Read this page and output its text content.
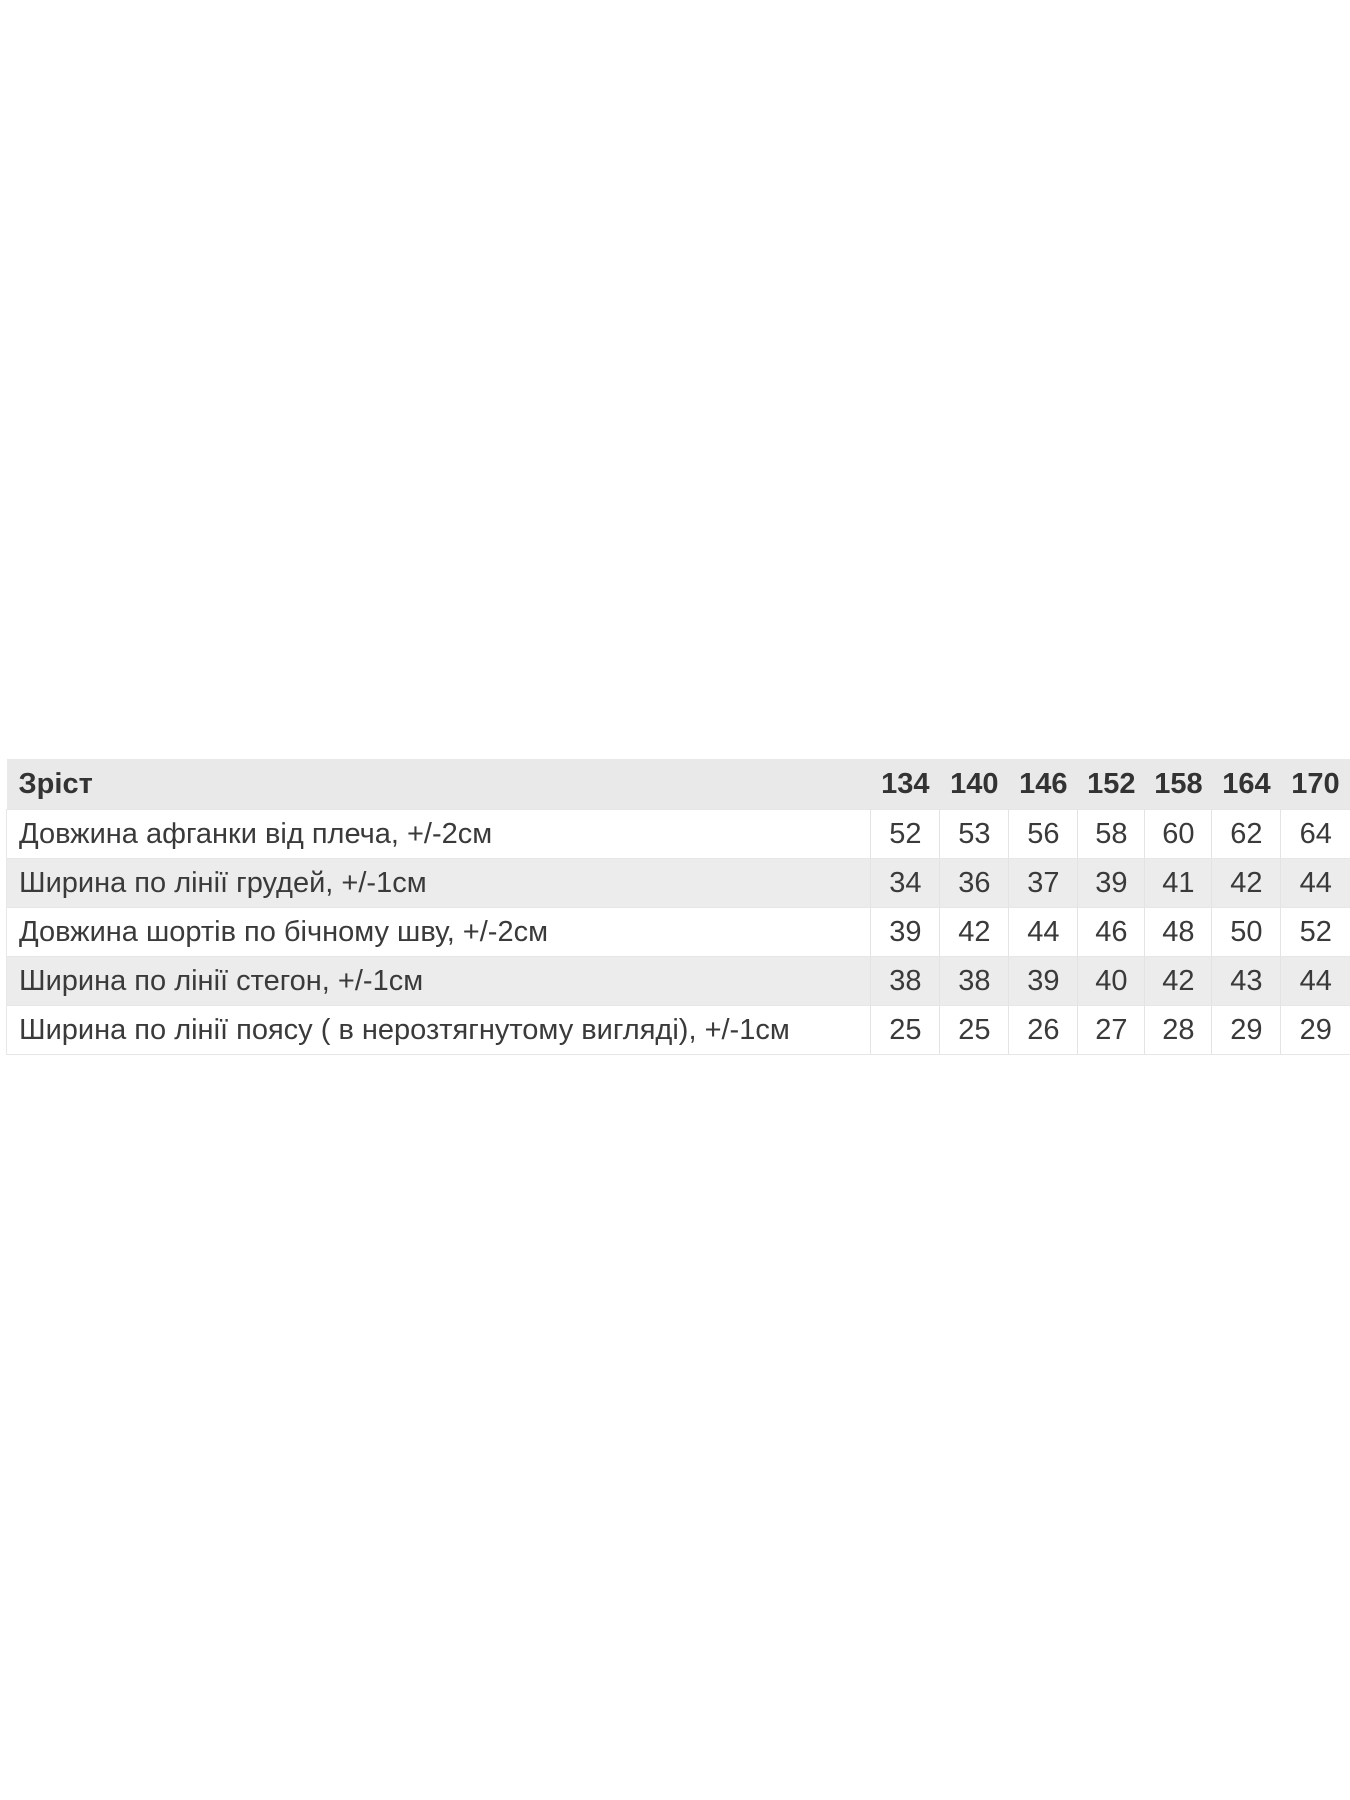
Зріст	134	140	146	152	158	164	170
Довжина афганки від плеча, +/-2см	52	53	56	58	60	62	64
Ширина по лінії грудей, +/-1см	34	36	37	39	41	42	44
Довжина шортів по бічному шву, +/-2см	39	42	44	46	48	50	52
Ширина по лінії стегон, +/-1см	38	38	39	40	42	43	44
Ширина по лінії поясу ( в нерозтягнутому вигляді), +/-1см	25	25	26	27	28	29	29
